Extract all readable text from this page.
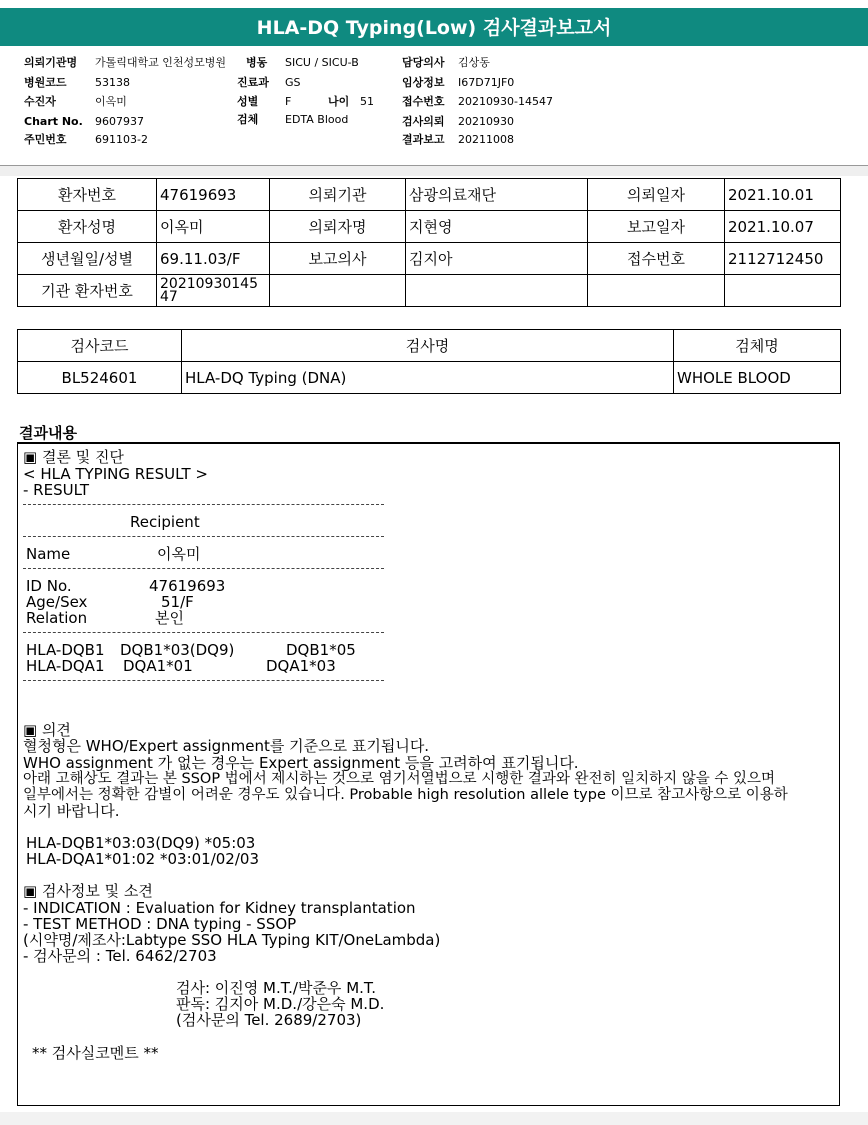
HLA-DQ Typing(Low) 검사결과보고서
의뢰기관명 가톨릭대학교 인천성모병원 병동 SICU / SICU-B	담당의사 김상동
병원코드	53138	진료과 GS	임상정보 I67D71JF0
수진자	이옥미	성별 F	나이 51	접수번호 20210930-14547
Chart No. 9607937	검체 EDTA Blood	검사의뢰 20210930
주민번호	691103-2	결과보고 20211008
환자번호	47619693	의뢰기관	삼광의료재단	의뢰일자	2021.10.01
환자성명	이옥미	의뢰자명	지현영	보고일자	2021.10.07
생년월일/성별	69.11.03/F	보고의사	김지아	접수번호	2112712450
기관 환자번호	20210930145
47				

검사코드	검사명	검체명
BL524601	HLA-DQ Typing (DNA)	WHOLE BLOOD
결과내용
▣ 결론 및 진단
< HLA TYPING RESULT >
- RESULT
Recipient
Name	이옥미
ID No.	47619693
Age/Sex	51/F
Relation	본인
HLA-DQB1 DQB1*03(DQ9)	DQB1*05
HLA-DQA1 DQA1*01	DQA1*03
▣ 의견
혈청형은 WHO/Expert assignment를 기준으로 표기됩니다.
WHO assignment 가 없는 경우는 Expert assignment 등을 고려하여 표기됩니다.
아래 고해상도 결과는 본 SSOP 법에서 제시하는 것으로 염기서열법으로 시행한 결과와 완전히 일치하지 않을 수 있으며
일부에서는 정확한 감별이 어려운 경우도 있습니다. Probable high resolution allele type 이므로 참고사항으로 이용하
시기 바랍니다.
HLA-DQB1*03:03(DQ9) *05:03
HLA-DQA1*01:02 *03:01/02/03
▣ 검사정보 및 소견
- INDICATION : Evaluation for Kidney transplantation
- TEST METHOD : DNA typing - SSOP
(시약명/제조사:Labtype SSO HLA Typing KIT/OneLambda)
- 검사문의 : Tel. 6462/2703
검사: 이진영 M.T./박준우 M.T.
판독: 김지아 M.D./강은숙 M.D.
(검사문의 Tel. 2689/2703)
** 검사실코멘트 **
